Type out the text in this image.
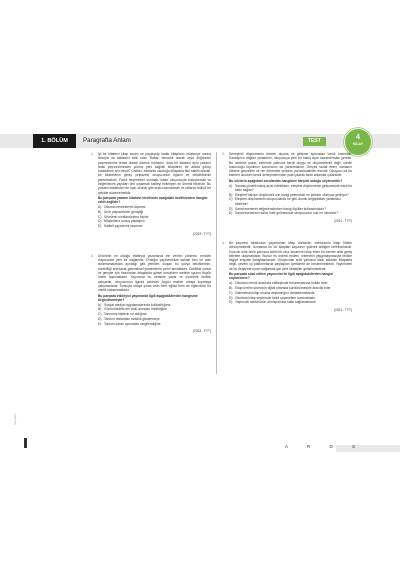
1. BÖLÜM	Paragrafta Anlam	TEST	4
KILAY
1. İyi bir kitabevi kitap seçen ve paylaştığı kadar kitapların müşteriye sunuş tarzıyla da kalitesini belli eder. Raflar, temadık olarak veya düğünden yayınevlerine temel olarak dizmek mümkün. Ama bir kitabevi aynı yazarın farklı yayınevlerinden çıkmış yeni sağlıklı kitaplarını bir arada görüp bulabilmek için neydi? Ünlüler, zamanla okuduğu kitaplarla fikir sahibi olacak, bir kitabevinin geniş yelpazesi okuyucunun ilgisini ve beklentilerini yansıtmalıdır. Farklı seçenekler sunmak, kitabı okuyucuyla buluşturmak ve beğenilecek yapıtları öne çıkarmak kaliteyi belirleyen en önemli etkendir. Bu yüzden kitabevleri de tıpkı okurlar gibi seçici davranmalı ve raflarını bilinçli bir şekilde düzenlemelidir.
Bu parçada yazarın kitabevi tercihinde aşağıdaki özelliklerden hangisi etkili değildir?
A) Okuma merkezlerini ölçmesi
B) Ürün yelpazesinin genişliği
C) Ürünlerin sınıflandırılma biçimi
D) Müşterilere sunuş yaklaşımı
E) Kaliteli yayınevini seçmesi
(2023 - TYT)
2. Ürünlerin ne olduğu etkileyici yazarlarca ele verilen yönlerin, renkleri duyusunda yeni bir sağlamlık. Örneğin yayınevimize satılan ben ve olan tanımlamalardan ayrıldığı gibi yeniden oluşan bu yüzyıl tekniklerinin, sürekliliği artırılarak geleneksel yöntemlerin yerini almaktadır. Özellikle çocuk ve gençler için hazırlanan kitaplarda görsel unsurların metinle uyumu büyük önem taşımaktadır. Yayıncılar bu nedenle yazar ve çizerlerle birlikte çalışarak, okuyucunun ilgisini çekecek özgün eserler ortaya koymaya çalışmaktadır. Sonuçta ortaya çıkan ürün hem eğitici hem de eğlendirici bir nitelik kazanmaktadır.
Bu parçada etkileyici yayınlarda ilgili aşağıdakilerden hangisine değinilmemiştir?
A) Sosyal medya uygulamalarında kullanıldığına
B) Günümüzdeki her türlü alımdan üretildiğine
C) Tanınmış kişilerin rol aldığına
D) Tanıtım reklamları farklılık göstermeye
E) Toplum yararı açısından sergilendiğine
(2023 - TYT)
3. Deneyimli düşünmenin felsefe duyma ve gelişme açısından varlık önemlidir. Sanatçının düğüm yaratırken, okuyucuya yeni bir bakış açısı kazandırması gerekir. Bu nedenle yazar, eserinde yalnızca kendi duygu ve düşüncelerini değil, içinde bulunduğu toplumun sorunlarını da yansıtmalıdır. Gerçek sanat eseri, zamanın ötesine geçebilen ve her dönemde yeniden yorumlanabilen eserdir. Okuyucu da bu eserleri okurken kendi deneyimlerinden yola çıkarak farklı anlamlar çıkarabilir.
Bu sözlerin aşağıdaki sorulardan hangisine karşılık olduğu söylenebilir?
A) Sanata yönelik bakış açısı edinilirken, eleştirel düşünmenin gelişmesine nasıl bir katkı sağlar?
B) Eleştirel bakışın düşünmek için hangi yetenekler ne şekilde olumsuz getiriyor?
C) Eleştirel düşünmenin okuyucularda ne gibi olumlu değişiklikler yaratması beklenir?
D) Sanat eserlerini değerlendirirken hangi ölçütler kullanılmalıdır?
E) Sanat eserlerinin kalıcı hale gelmesinde okuyucunun rolü ne olmalıdır?
(2021 - TYT)
4. Bir yayınevi tarafından yayımlanan kitap dizisinde, merkezinin kitap hâline dönüşmektedir. Uzmanlar bu tür kitapları sayısının giderek arttığını belirtmektedir. Kısa bir süre önce yalnızca belirli bir okur kesimine hitap eden bu eserler artık geniş kitlelere ulaşmaktadır. Bunun en önemli nedeni, internetin yaygınlaşmasıyla birlikte bilgiye erişimin kolaylaşmasıdır. Okuyucular artık yalnızca satın aldıkları kitaplarla değil, çevrim içi platformlarda paylaşılan içeriklerle de beslenmektedir. Yayınevleri de bu değişime uyum sağlamak için yeni stratejiler geliştirmektedir.
Bu parçada sözü edilen yayınevini ile ilgili aşağıdakilerden hangisi söylenemez?
A) Okurların kendi arasında etkileşimde bulunmalarına imkân tanır.
B) Kitap üretim sürecinin dijital ortamda sürdürülmesine aracılık eder.
C) Geleneksel kitap okuma alışkanlığını desteklemektedir.
D) Okurlara kitap seçiminde farklı seçenekler sunmaktadır.
E) Yayıncılık sektörünün dönüşümüne katkı sağlamaktadır.
(2021 - TYT)
Yayınevi
A R D S
